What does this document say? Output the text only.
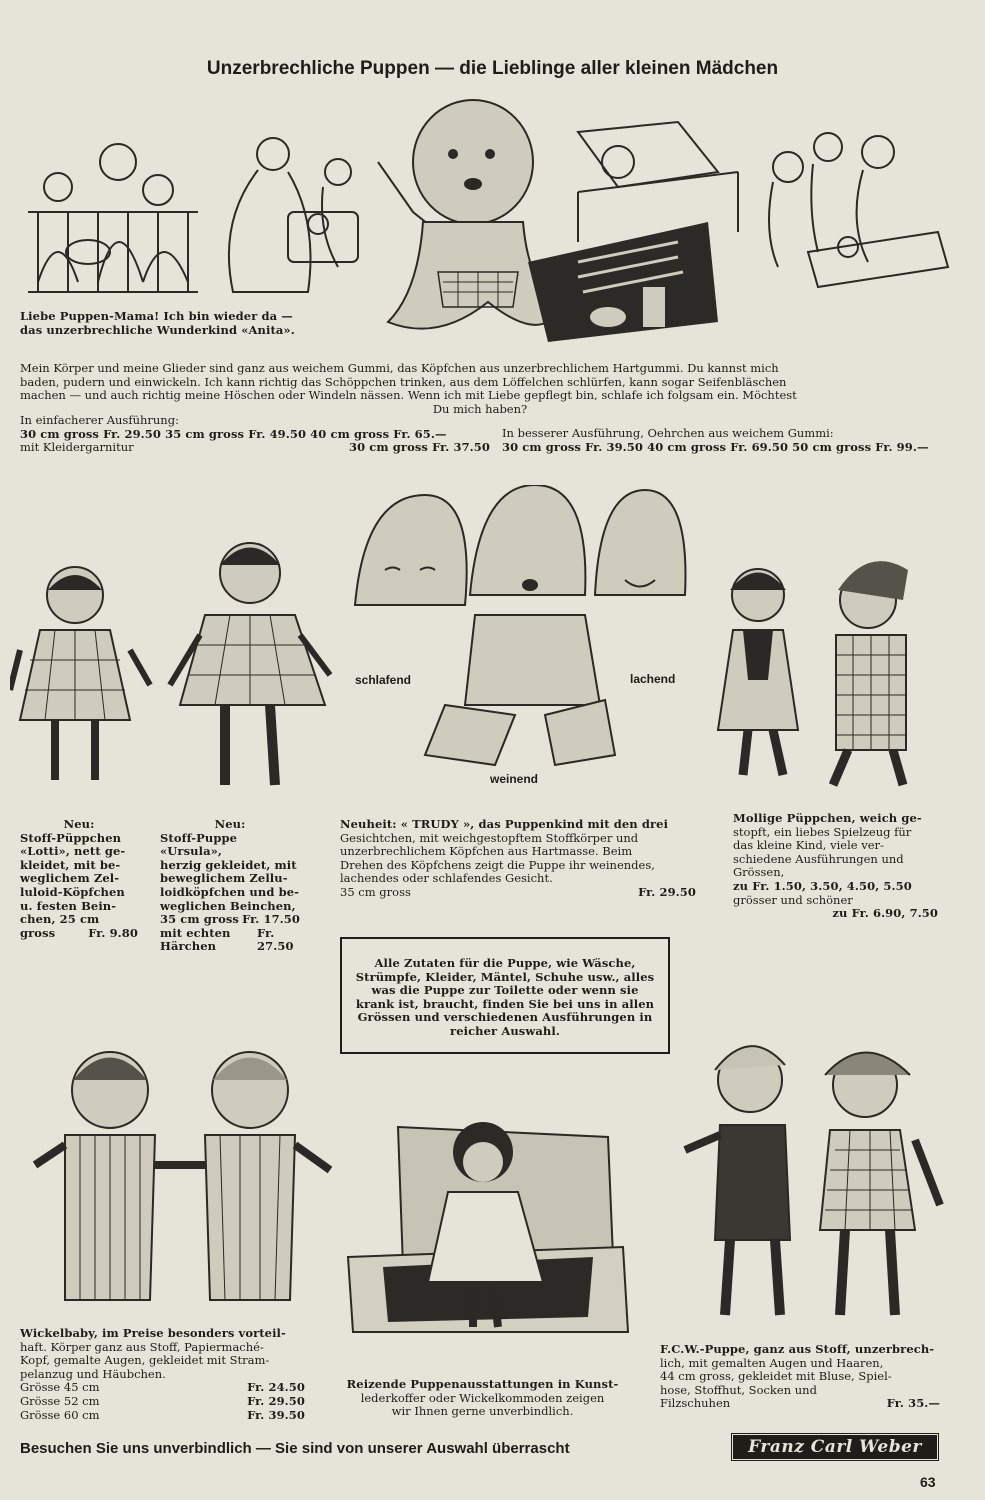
Unzerbrechliche Puppen — die Lieblinge aller kleinen Mädchen
Liebe Puppen-Mama! Ich bin wieder da —
das unzerbrechliche Wunderkind «Anita».
Mein Körper und meine Glieder sind ganz aus weichem Gummi, das Köpfchen aus unzerbrechlichem Hartgummi. Du kannst mich
baden, pudern und einwickeln. Ich kann richtig das Schöppchen trinken, aus dem Löffelchen schlürfen, kann sogar Seifenbläschen
machen — und auch richtig meine Höschen oder Windeln nässen. Wenn ich mit Liebe gepflegt bin, schlafe ich folgsam ein. Möchtest
Du mich haben?
In einfacherer Ausführung:
30 cm gross Fr. 29.50 35 cm gross Fr. 49.50 40 cm gross Fr. 65.—
mit Kleidergarnitur	30 cm gross Fr. 37.50
In besserer Ausführung, Oehrchen aus weichem Gummi:
30 cm gross Fr. 39.50 40 cm gross Fr. 69.50 50 cm gross Fr. 99.—
schlafend	lachend
weinend
Neu:
Stoff-Püppchen
«Lotti», nett ge-
kleidet, mit be-
weglichem Zel-
luloid-Köpfchen
u. festen Bein-
chen, 25 cm
gross	Fr. 9.80
Neu:
Stoff-Puppe «Ursula»,
herzig gekleidet, mit
beweglichem Zellu-
loidköpfchen und be-
weglichen Beinchen,
35 cm gross Fr. 17.50
mit echten Härchen
Fr. 27.50
Neuheit: « TRUDY », das Puppenkind mit den drei
Gesichtchen, mit weichgestopftem Stoffkörper und
unzerbrechlichem Köpfchen aus Hartmasse. Beim
Drehen des Köpfchens zeigt die Puppe ihr weinendes,
lachendes oder schlafendes Gesicht.
35 cm gross	Fr. 29.50
Mollige Püppchen, weich ge-
stopft, ein liebes Spielzeug für
das kleine Kind, viele ver-
schiedene Ausführungen und
Grössen,
zu Fr. 1.50, 3.50, 4.50, 5.50
grösser und schöner
zu Fr. 6.90, 7.50
Alle Zutaten für die Puppe, wie Wäsche,
Strümpfe, Kleider, Mäntel, Schuhe usw., alles
was die Puppe zur Toilette oder wenn sie
krank ist, braucht, finden Sie bei uns in allen
Grössen und verschiedenen Ausführungen in
reicher Auswahl.
Wickelbaby, im Preise besonders vorteil-
haft. Körper ganz aus Stoff, Papiermaché-
Kopf, gemalte Augen, gekleidet mit Stram-
pelanzug und Häubchen.
Grösse 45 cm	Fr. 24.50
Grösse 52 cm	Fr. 29.50
Grösse 60 cm	Fr. 39.50
Reizende Puppenausstattungen in Kunst-
lederkoffer oder Wickelkommoden zeigen
wir Ihnen gerne unverbindlich.
F.C.W.-Puppe, ganz aus Stoff, unzerbrech-
lich, mit gemalten Augen und Haaren,
44 cm gross, gekleidet mit Bluse, Spiel-
hose, Stoffhut, Socken und
Filzschuhen	Fr. 35.—
Besuchen Sie uns unverbindlich — Sie sind von unserer Auswahl überrascht	Franz Carl Weber
63
